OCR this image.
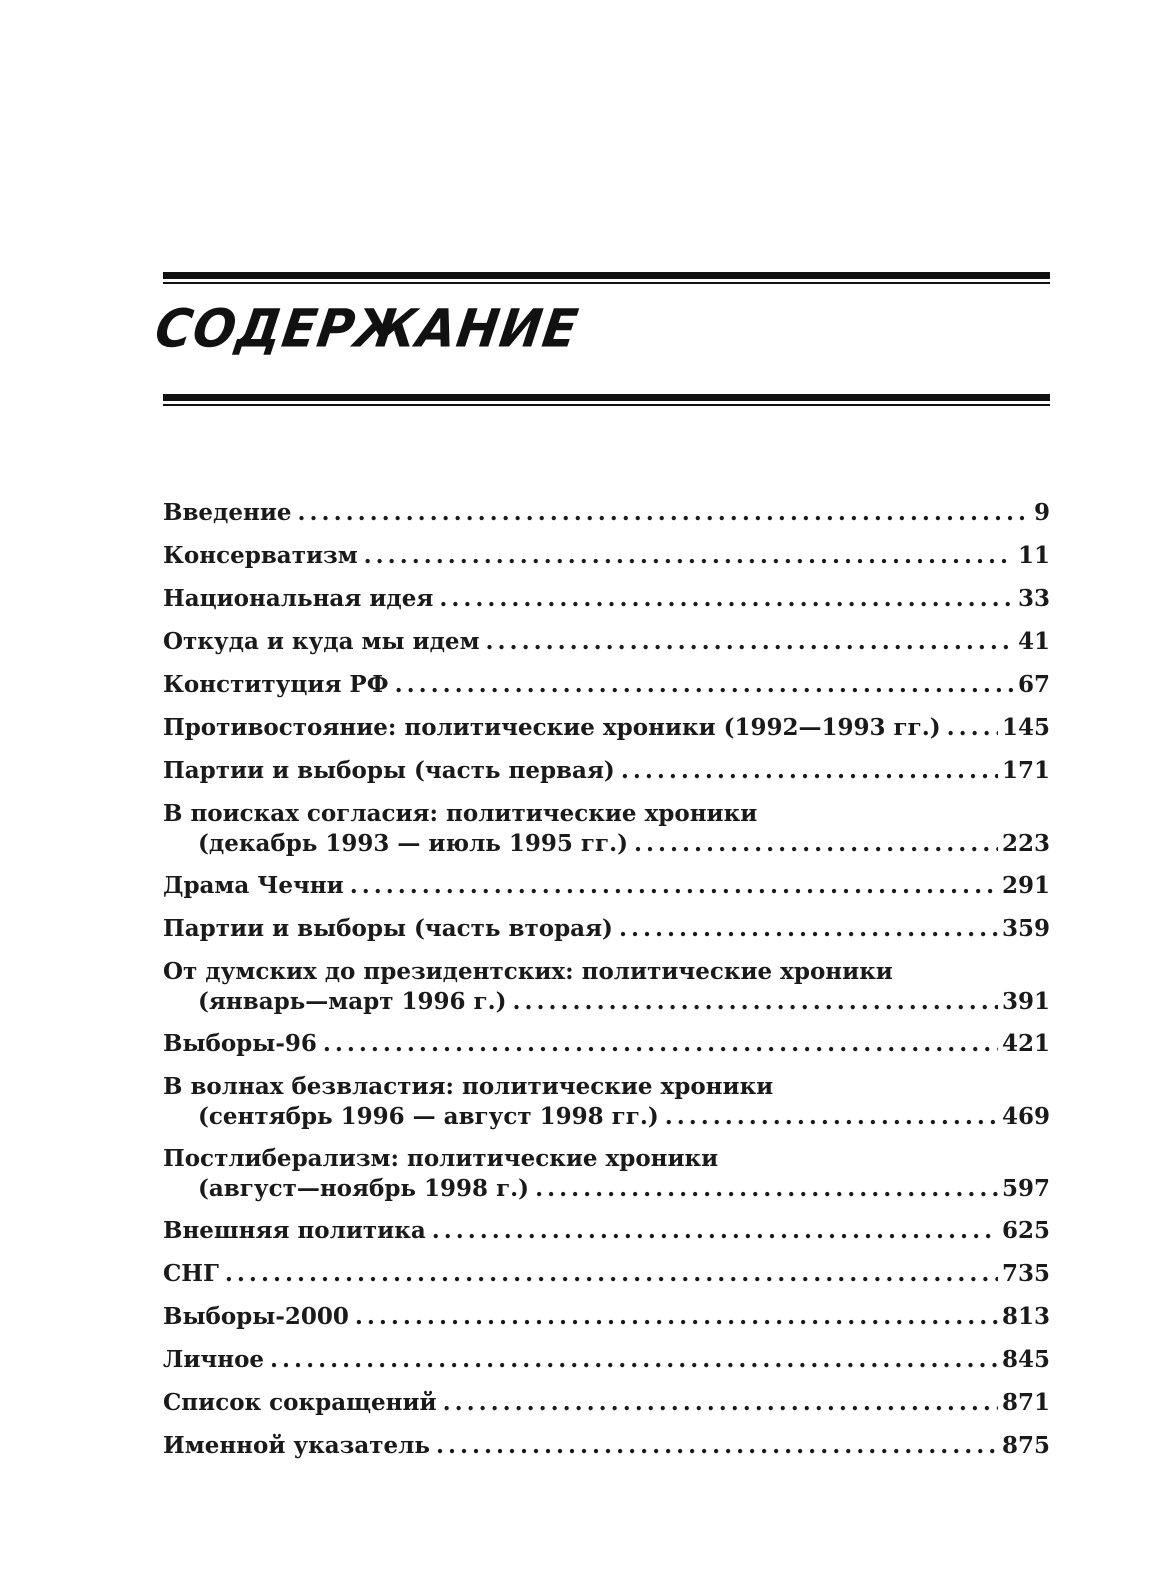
СОДЕРЖАНИЕ
Введение .....	9
Консерватизм .....	11
Национальная идея .....	33
Откуда и куда мы идем .....	41
Конституция РФ .....	67
Противостояние: политические хроники (1992—1993 гг.) .....	145
Партии и выборы (часть первая) .....	171
В поисках согласия: политические хроники
(декабрь 1993 — июль 1995 гг.) .....	223
Драма Чечни .....	291
Партии и выборы (часть вторая) .....	359
От думских до президентских: политические хроники
(январь—март 1996 г.) .....	391
Выборы-96 .....	421
В волнах безвластия: политические хроники
(сентябрь 1996 — август 1998 гг.) .....	469
Постлиберализм: политические хроники
(август—ноябрь 1998 г.) .....	597
Внешняя политика .....	625
СНГ .....	735
Выборы-2000 .....	813
Личное .....	845
Список сокращений .....	871
Именной указатель .....	875
